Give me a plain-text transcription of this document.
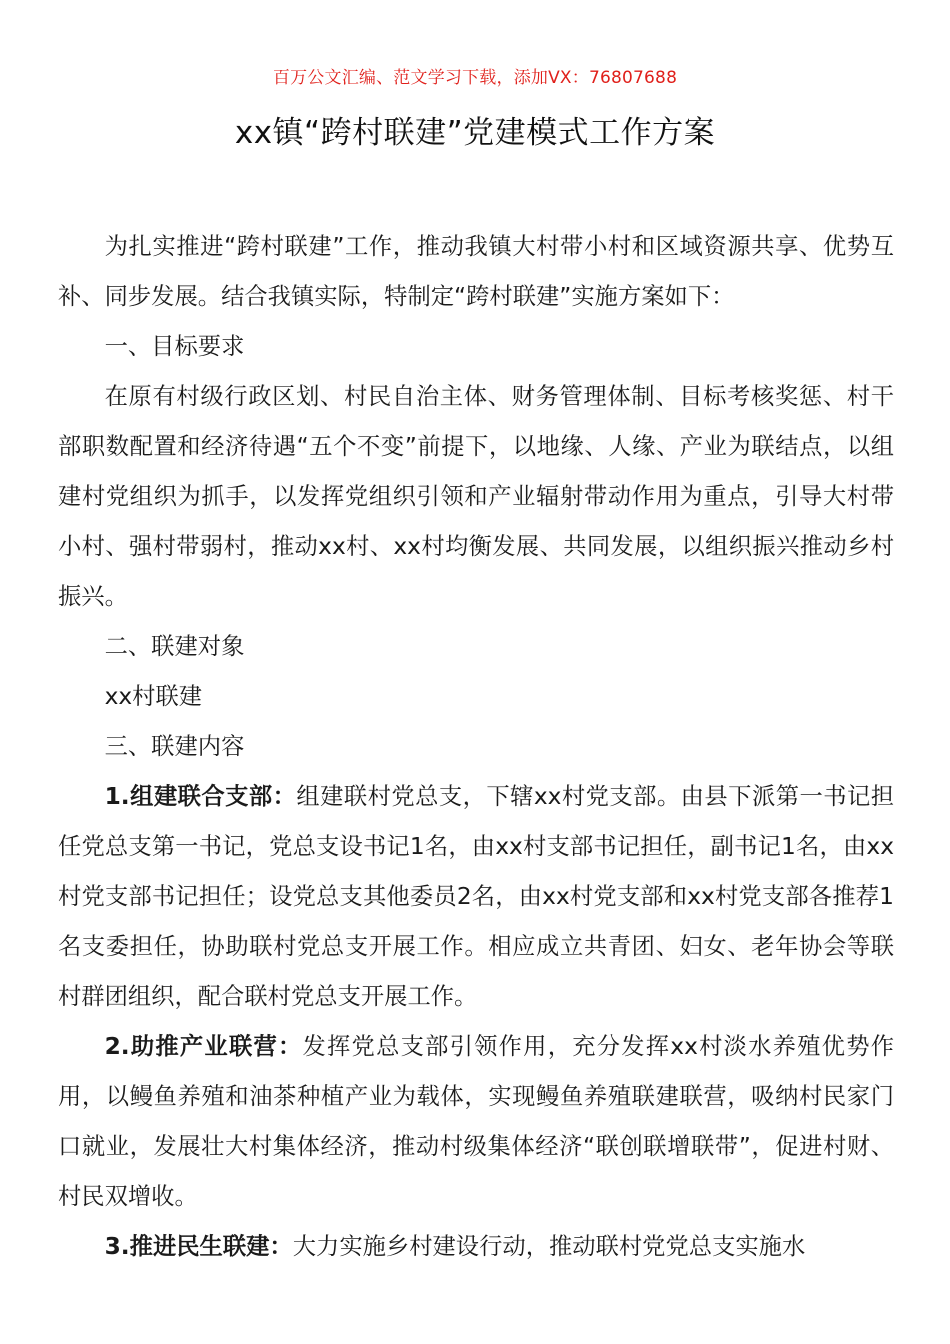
百万公文汇编、范文学习下载，添加VX：76807688
xx镇“跨村联建”党建模式工作方案

为扎实推进“跨村联建”工作，推动我镇大村带小村和区域资源共享、优势互补、同步发展。结合我镇实际，特制定“跨村联建”实施方案如下：

一、目标要求

在原有村级行政区划、村民自治主体、财务管理体制、目标考核奖惩、村干部职数配置和经济待遇“五个不变”前提下，以地缘、人缘、产业为联结点，以组建村党组织为抓手，以发挥党组织引领和产业辐射带动作用为重点，引导大村带小村、强村带弱村，推动xx村、xx村均衡发展、共同发展，以组织振兴推动乡村振兴。

二、联建对象

xx村联建

三、联建内容

1.组建联合支部：组建联村党总支，下辖xx村党支部。由县下派第一书记担任党总支第一书记，党总支设书记1名，由xx村支部书记担任，副书记1名，由xx村党支部书记担任；设党总支其他委员2名，由xx村党支部和xx村党支部各推荐1名支委担任，协助联村党总支开展工作。相应成立共青团、妇女、老年协会等联村群团组织，配合联村党总支开展工作。

2.助推产业联营：发挥党总支部引领作用，充分发挥xx村淡水养殖优势作用，以鳗鱼养殖和油茶种植产业为载体，实现鳗鱼养殖联建联营，吸纳村民家门口就业，发展壮大村集体经济，推动村级集体经济“联创联增联带”，促进村财、村民双增收。

3.推进民生联建：大力实施乡村建设行动，推动联村党党总支实施水
